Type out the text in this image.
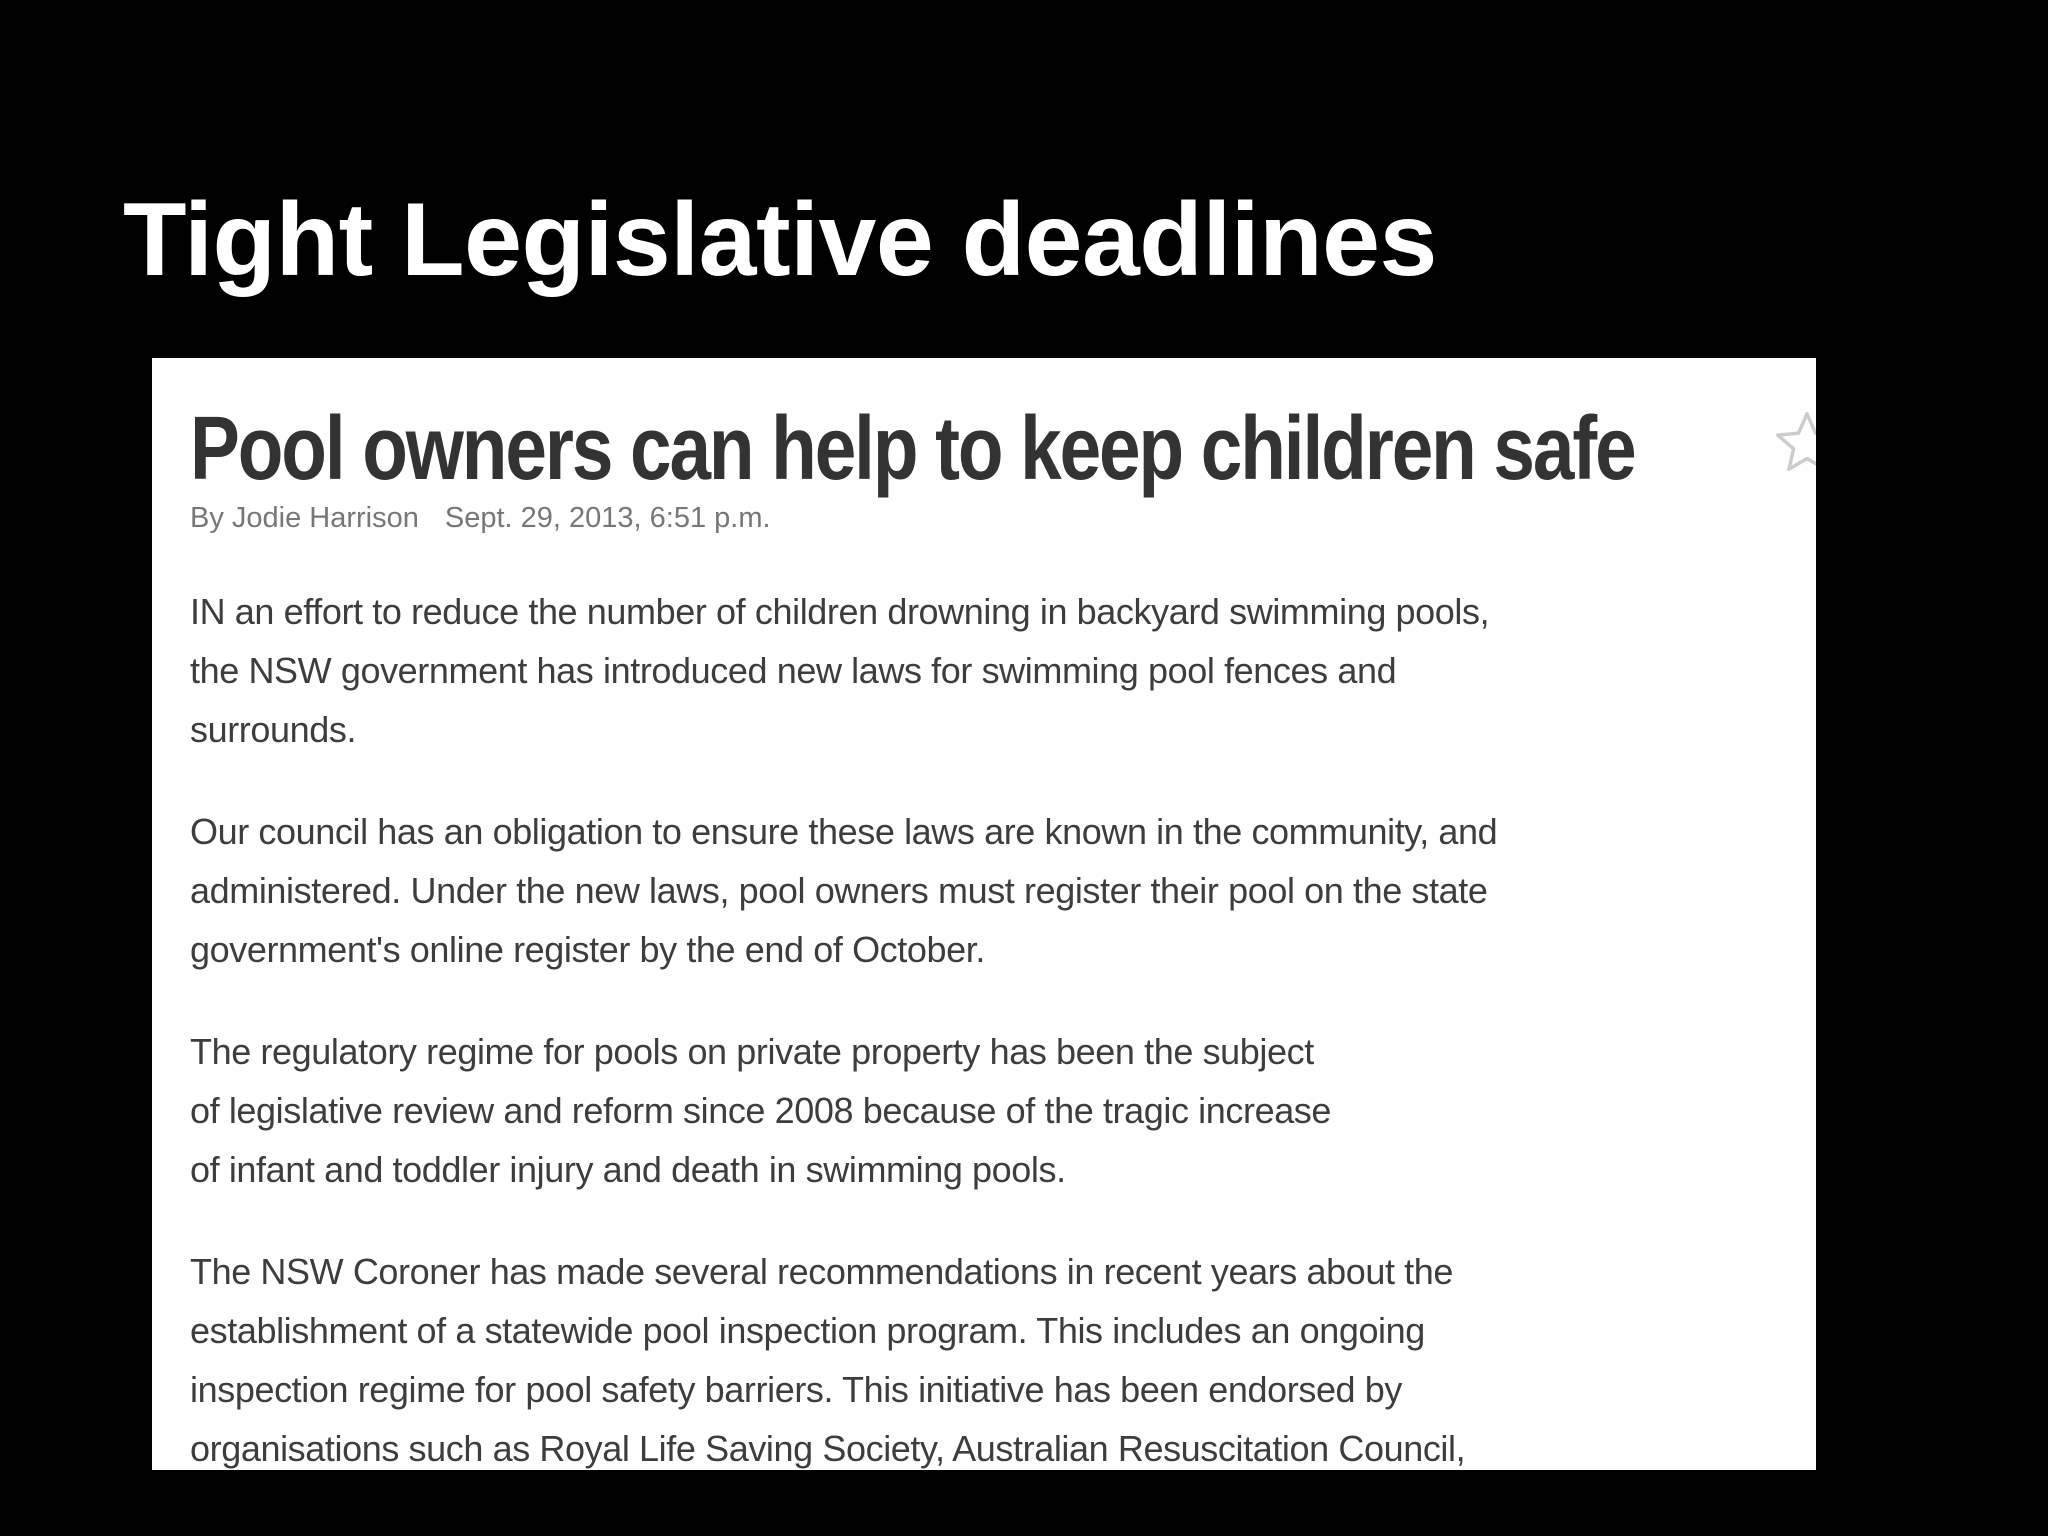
Tight Legislative deadlines
Pool owners can help to keep children safe
By Jodie Harrison Sept. 29, 2013, 6:51 p.m.

IN an effort to reduce the number of children drowning in backyard swimming pools,
the NSW government has introduced new laws for swimming pool fences and
surrounds.

Our council has an obligation to ensure these laws are known in the community, and
administered. Under the new laws, pool owners must register their pool on the state
government's online register by the end of October.

The regulatory regime for pools on private property has been the subject
of legislative review and reform since 2008 because of the tragic increase
of infant and toddler injury and death in swimming pools.

The NSW Coroner has made several recommendations in recent years about the
establishment of a statewide pool inspection program. This includes an ongoing
inspection regime for pool safety barriers. This initiative has been endorsed by
organisations such as Royal Life Saving Society, Australian Resuscitation Council,
